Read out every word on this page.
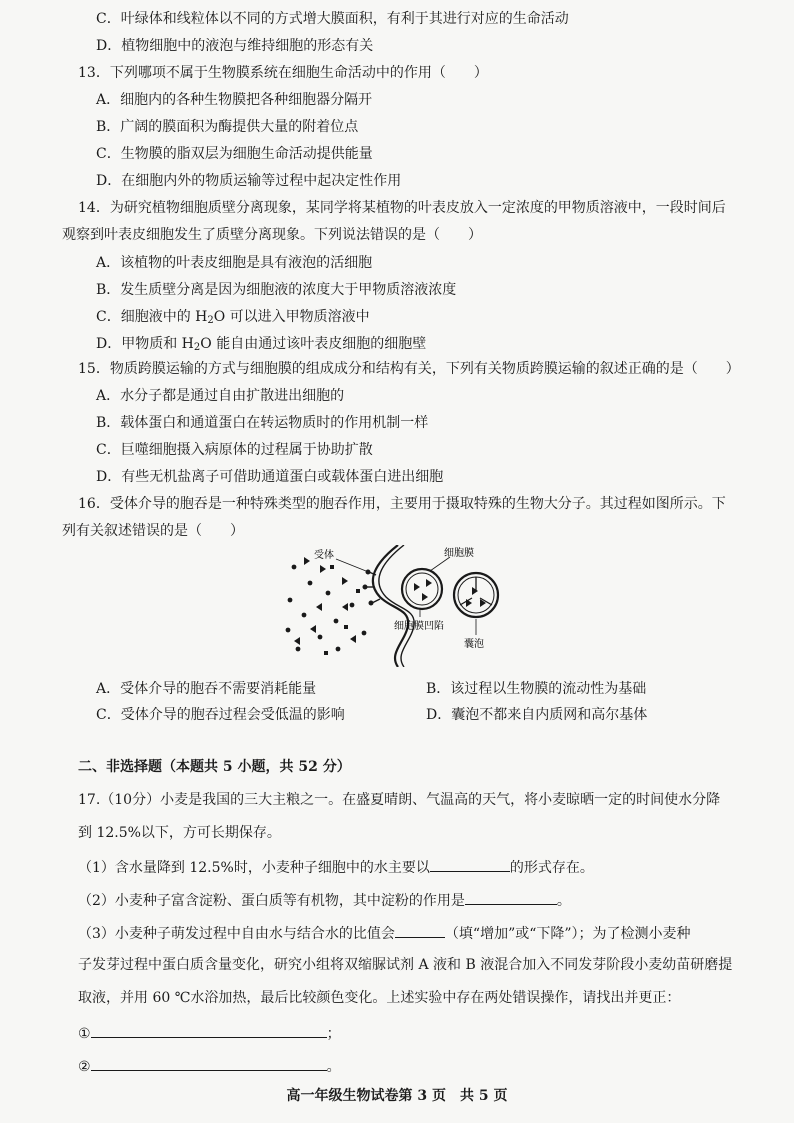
C．叶绿体和线粒体以不同的方式增大膜面积，有利于其进行对应的生命活动
D．植物细胞中的液泡与维持细胞的形态有关
13．下列哪项不属于生物膜系统在细胞生命活动中的作用（　　）
A．细胞内的各种生物膜把各种细胞器分隔开
B．广阔的膜面积为酶提供大量的附着位点
C．生物膜的脂双层为细胞生命活动提供能量
D．在细胞内外的物质运输等过程中起决定性作用
14．为研究植物细胞质壁分离现象，某同学将某植物的叶表皮放入一定浓度的甲物质溶液中，一段时间后
观察到叶表皮细胞发生了质壁分离现象。下列说法错误的是（　　）
A．该植物的叶表皮细胞是具有液泡的活细胞
B．发生质壁分离是因为细胞液的浓度大于甲物质溶液浓度
C．细胞液中的 $H_2O$ 可以进入甲物质溶液中
D．甲物质和 $H_2O$ 能自由通过该叶表皮细胞的细胞壁
15．物质跨膜运输的方式与细胞膜的组成成分和结构有关，下列有关物质跨膜运输的叙述正确的是（　　）
A．水分子都是通过自由扩散进出细胞的
B．载体蛋白和通道蛋白在转运物质时的作用机制一样
C．巨噬细胞摄入病原体的过程属于协助扩散
D．有些无机盐离子可借助通道蛋白或载体蛋白进出细胞
16．受体介导的胞吞是一种特殊类型的胞吞作用，主要用于摄取特殊的生物大分子。其过程如图所示。下
列有关叙述错误的是（　　）
受体	细胞膜
细胞膜凹陷
囊泡
A．受体介导的胞吞不需要消耗能量	B．该过程以生物膜的流动性为基础
C．受体介导的胞吞过程会受低温的影响	D．囊泡不都来自内质网和高尔基体
二、非选择题（本题共 5 小题，共 52 分）
17.（10分）小麦是我国的三大主粮之一。在盛夏晴朗、气温高的天气，将小麦晾晒一定的时间使水分降
到 12.5%以下，方可长期保存。
（1）含水量降到 12.5%时，小麦种子细胞中的水主要以	的形式存在。
（2）小麦种子富含淀粉、蛋白质等有机物，其中淀粉的作用是	。
（3）小麦种子萌发过程中自由水与结合水的比值会	（填“增加”或“下降”）；为了检测小麦种
子发芽过程中蛋白质含量变化，研究小组将双缩脲试剂 A 液和 B 液混合加入不同发芽阶段小麦幼苗研磨提
取液，并用 60 ℃水浴加热，最后比较颜色变化。上述实验中存在两处错误操作，请找出并更正：
①	；
②	。
高一年级生物试卷第 3 页　共 5 页
